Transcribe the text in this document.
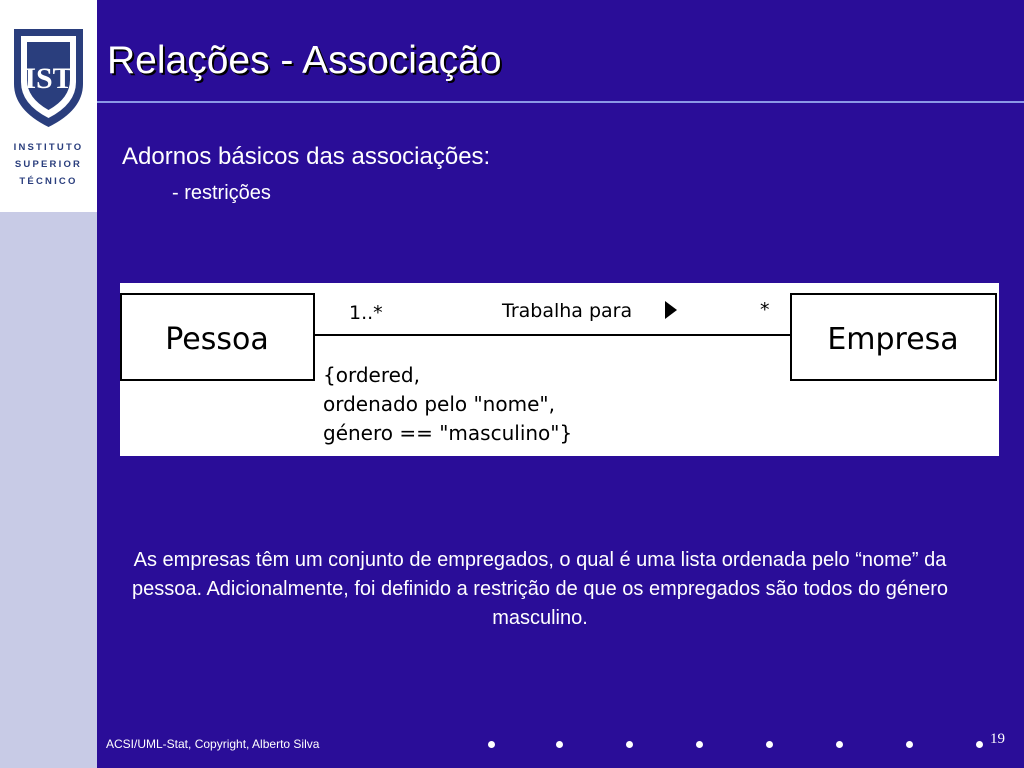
IST
INSTITUTO
SUPERIOR
TÉCNICO
Relações - Associação
Adornos básicos das associações:
- restrições
Pessoa	Empresa
1..*	Trabalha para	*
{ordered,
ordenado pelo "nome",
género == "masculino"}
As empresas têm um conjunto de empregados, o qual é uma lista ordenada pelo “nome” da pessoa. Adicionalmente, foi definido a restrição de que os empregados são todos do género masculino.
ACSI/UML-Stat, Copyright, Alberto Silva	19
